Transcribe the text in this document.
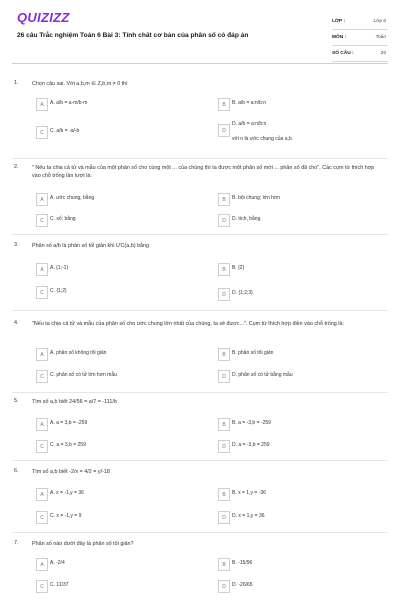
QUIZIZZ
26 câu Trắc nghiệm Toán 6 Bài 3: Tính chất cơ bản của phân số có đáp án
LỚP :	Lớp 6
MÔN :	Toán
SỐ CÂU :	26
1.	Chọn câu sai. Với a,b,m ∈ Z,b,m ≠ 0 thì
A	A. a/b = a·m/b·m	B	B. a/b = a:n/b:n
C	C. a/b = -a/-b	D
D. a/b = a:n/b:n
với n là ước chung của a,b.
2.	" Nếu ta chia cả tử và mẫu của một phân số cho cùng một ... của chúng thì ta được một phân số mới ... phân số đã cho". Các cụm từ thích hợp vào chỗ trống lần lượt là:
A	A. ước chung, bằng	B	B. bội chung; lớn hơn
C	C. số; bằng	D	D. tích, bằng
3.	Phân số a/b là phân số tối giản khi ƯC(a,b) bằng
A	A. {1;-1}	B	B. {2}
C	C. {1;2}
D	D. {1;2;3}
4.	"Nếu ta chia cả tử và mẫu của phân số cho ước chung lớn nhất của chúng, ta sẽ được...". Cụm từ thích hợp điền vào chỗ trống là:
A	A. phân số không tối giản	B	B. phân số tối giản
C	C. phân số có tử lớn hơn mẫu	D	D. phân số có tử bằng mẫu
5.	Tìm số a,b biết 24/56 = a/7 = -111/b
A	A. a = 3,b = -259	B	B. a = -3,b = -259
C	C. a = 3,b = 259	D	D. a = -3,b = 259
6.	Tìm số a,b biết -2/x = 4/2 = y/-18
A	A. x = -1,y = 36	B	B. x = 1,y = -36
C	C. x = -1,y = 9	D	D. x = 1,y = 36
7.	Phân số nào dưới đây là phân số tối giản?
A	A. -2/4	B	B. -15/96
C	C. 11/37	D	D. -26/65
